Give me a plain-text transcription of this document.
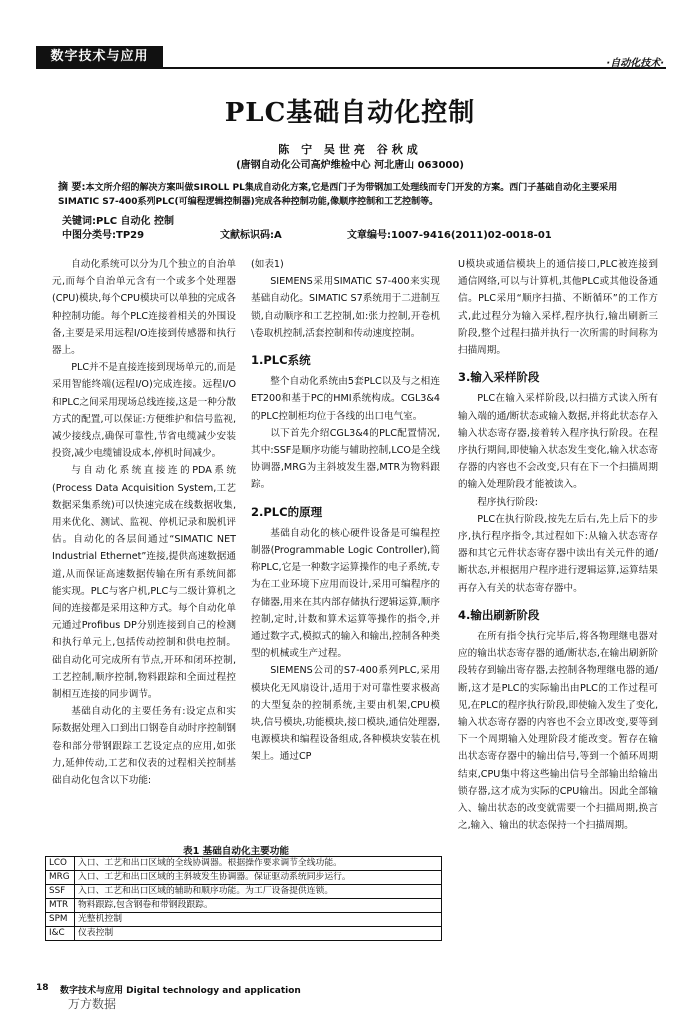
数字技术与应用	·自动化技术·
PLC基础自动化控制
陈 宁 吴世亮 谷秋成
(唐钢自动化公司高炉维检中心 河北唐山 063000)
摘 要:本文所介绍的解决方案叫做SIROLL PL集成自动化方案,它是西门子为带钢加工处理线而专门开发的方案。西门子基础自动化主要采用SIMATIC S7-400系列PLC(可编程逻辑控制器)完成各种控制功能,像顺序控制和工艺控制等。
关键词:PLC 自动化 控制
中图分类号:TP29	文献标识码:A	文章编号:1007-9416(2011)02-0018-01

自动化系统可以分为几个独立的自治单元,而每个自治单元含有一个或多个处理器(CPU)模块,每个CPU模块可以单独的完成各种控制功能。每个PLC连接着相关的外围设备,主要是采用远程I/O连接到传感器和执行器上。

PLC并不是直接连接到现场单元的,而是采用智能终端(远程I/O)完成连接。远程I/O和PLC之间采用现场总线连接,这是一种分散方式的配置,可以保证:方便维护和信号监视,减少接线点,确保可靠性,节省电缆减少安装投资,减少电缆铺设成本,停机时间减少。

与自动化系统直接连的PDA系统(Process Data Acquisition System,工艺数据采集系统)可以快速完成在线数据收集,用来优化、测试、监视、停机记录和脱机评估。自动化的各层间通过“SIMATIC NET Industrial Ethernet”连接,提供高速数据通道,从而保证高速数据传输在所有系统间都能实现。PLC与客户机,PLC与二级计算机之间的连接都是采用这种方式。每个自动化单元通过Profibus DP分别连接到自己的检测和执行单元上,包括传动控制和供电控制。础自动化可完成所有节点,开环和闭环控制,工艺控制,顺序控制,物料跟踪和全面过程控制相互连接的同步调节。

基础自动化的主要任务有:设定点和实际数据处理入口到出口钢卷自动时序控制钢卷和部分带钢跟踪工艺设定点的应用,如张力,延伸传动,工艺和仪表的过程相关控制基础自动化包含以下功能:

(如表1)

SIEMENS采用SIMATIC S7-400来实现基础自动化。SIMATIC S7系统用于二进制互锁,自动顺序和工艺控制,如:张力控制,开卷机\卷取机控制,活套控制和传动速度控制。

1.PLC系统

整个自动化系统由5套PLC以及与之相连ET200和基于PC的HMI系统构成。CGL3&4的PLC控制柜均位于各线的出口电气室。

以下首先介绍CGL3&4的PLC配置情况,其中:SSF是顺序功能与辅助控制,LCO是全线协调器,MRG为主斜坡发生器,MTR为物料跟踪。

2.PLC的原理

基础自动化的核心硬件设备是可编程控制器(Programmable Logic Controller),简称PLC,它是一种数字运算操作的电子系统,专为在工业环境下应用而设计,采用可编程序的存储器,用来在其内部存储执行逻辑运算,顺序控制,定时,计数和算术运算等操作的指令,并通过数字式,模拟式的输入和输出,控制各种类型的机械或生产过程。

SIEMENS公司的S7-400系列PLC,采用模块化无风扇设计,适用于对可靠性要求极高的大型复杂的控制系统,主要由机架,CPU模块,信号模块,功能模块,接口模块,通信处理器,电源模块和编程设备组成,各种模块安装在机架上。通过CP

U模块或通信模块上的通信接口,PLC被连接到通信网络,可以与计算机,其他PLC或其他设备通信。PLC采用“顺序扫描、不断循环”的工作方式,此过程分为输入采样,程序执行,输出刷新三阶段,整个过程扫描并执行一次所需的时间称为扫描周期。

3.输入采样阶段

PLC在输入采样阶段,以扫描方式读入所有输入端的通/断状态或输入数据,并将此状态存入输入状态寄存器,接着转入程序执行阶段。在程序执行期间,即使输入状态发生变化,输入状态寄存器的内容也不会改变,只有在下一个扫描周期的输入处理阶段才能被读入。

程序执行阶段:

PLC在执行阶段,按先左后右,先上后下的步序,执行程序指令,其过程如下:从输入状态寄存器和其它元件状态寄存器中读出有关元件的通/断状态,并根据用户程序进行逻辑运算,运算结果再存入有关的状态寄存器中。

4.输出刷新阶段

在所有指令执行完毕后,将各物理继电器对应的输出状态寄存器的通/断状态,在输出刷新阶段转存到输出寄存器,去控制各物理继电器的通/断,这才是PLC的实际输出由PLC的工作过程可见,在PLC的程序执行阶段,即使输入发生了变化,输入状态寄存器的内容也不会立即改变,要等到下一个周期输入处理阶段才能改变。暂存在输出状态寄存器中的输出信号,等到一个循环周期结束,CPU集中将这些输出信号全部输出给输出锁存器,这才成为实际的CPU输出。因此全部输入、输出状态的改变就需要一个扫描周期,换言之,输入、输出的状态保持一个扫描周期。

表1 基础自动化主要功能
LCO	入口、工艺和出口区域的全线协调器。根据操作要求调节全线功能。
MRG	入口、工艺和出口区域的主斜坡发生协调器。保证驱动系统同步运行。
SSF	入口、工艺和出口区域的辅助和顺序功能。为工厂设备提供连锁。
MTR	物料跟踪,包含钢卷和带钢段跟踪。
SPM	光整机控制
I&C	仪表控制
18 数字技术与应用 Digital technology and application
万方数据
